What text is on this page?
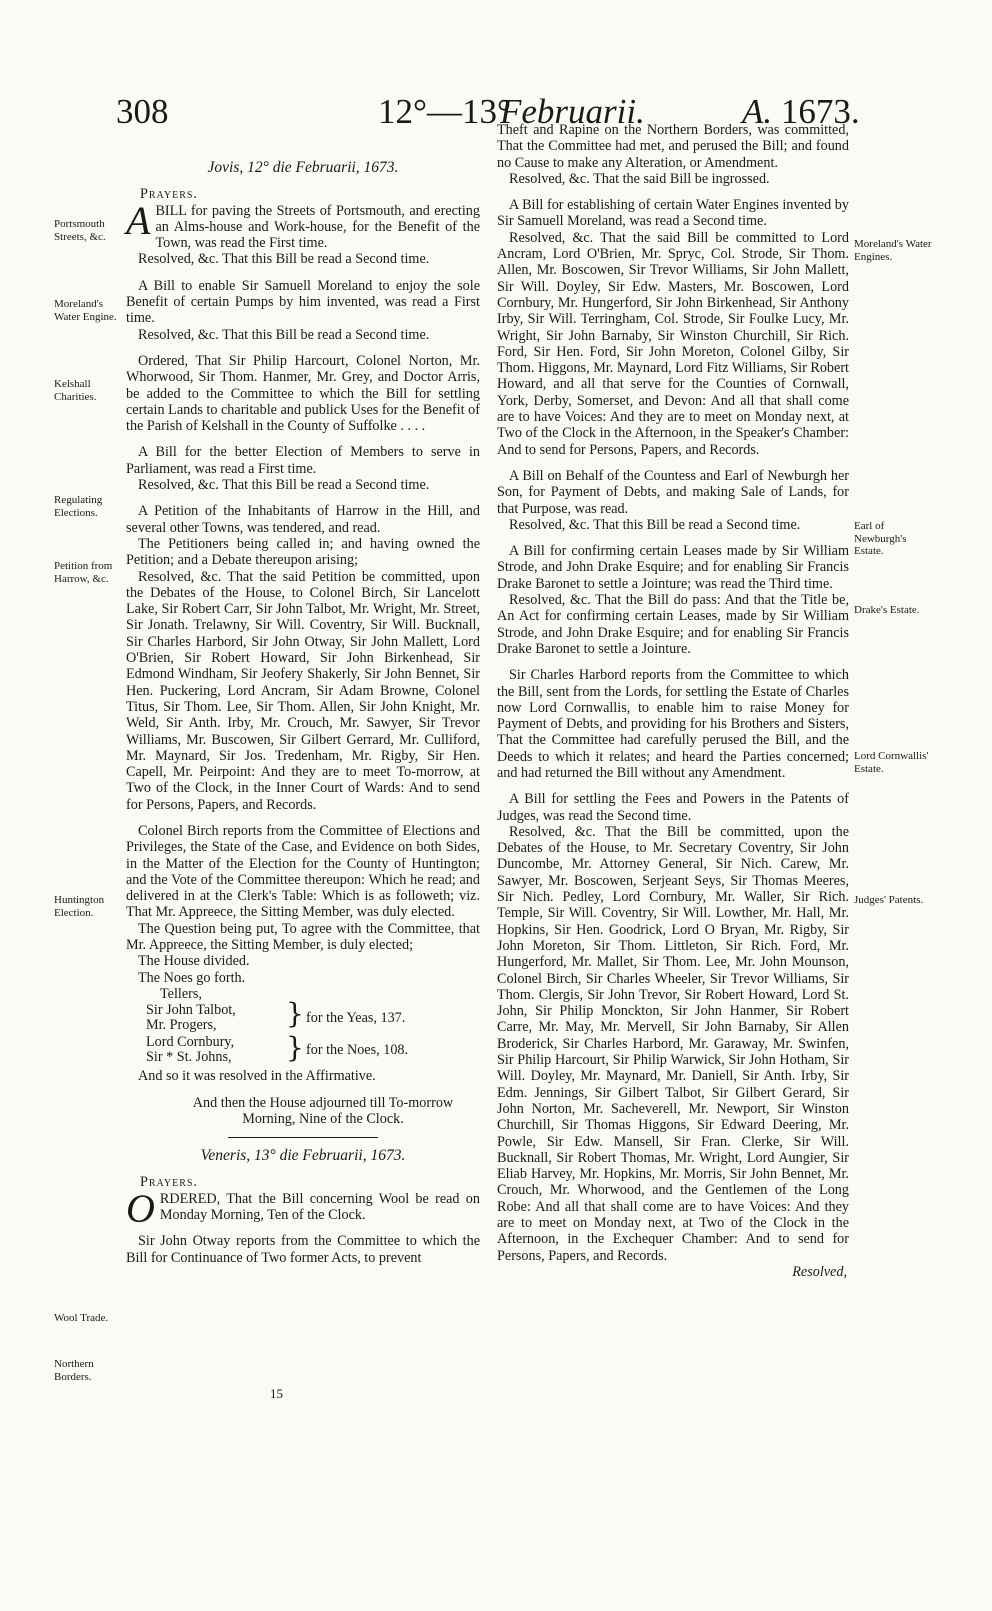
308	12°—13°
Februarii.	A. 1673.
Portsmouth Streets, &c.
Moreland's Water Engine.
Kelshall Charities.
Regulating Elections.
Petition from Harrow, &c.
Huntington Election.
Wool Trade.
Northern Borders.
Moreland's Water Engines.
Earl of Newburgh's Estate.
Drake's Estate.
Lord Cornwallis' Estate.
Judges' Patents.

Jovis, 12° die Februarii, 1673.

Prayers.

ABILL for paving the Streets of Portsmouth, and erecting an Alms-house and Work-house, for the Benefit of the Town, was read the First time.

Resolved, &c. That this Bill be read a Second time.

A Bill to enable Sir Samuell Moreland to enjoy the sole Benefit of certain Pumps by him invented, was read a First time.

Resolved, &c. That this Bill be read a Second time.

Ordered, That Sir Philip Harcourt, Colonel Norton, Mr. Whorwood, Sir Thom. Hanmer, Mr. Grey, and Doctor Arris, be added to the Committee to which the Bill for settling certain Lands to charitable and publick Uses for the Benefit of the Parish of Kelshall in the County of Suffolke . . . .

A Bill for the better Election of Members to serve in Parliament, was read a First time.

Resolved, &c. That this Bill be read a Second time.

A Petition of the Inhabitants of Harrow in the Hill, and several other Towns, was tendered, and read.

The Petitioners being called in; and having owned the Petition; and a Debate thereupon arising;

Resolved, &c. That the said Petition be committed, upon the Debates of the House, to Colonel Birch, Sir Lancelott Lake, Sir Robert Carr, Sir John Talbot, Mr. Wright, Mr. Street, Sir Jonath. Trelawny, Sir Will. Coventry, Sir Will. Bucknall, Sir Charles Harbord, Sir John Otway, Sir John Mallett, Lord O'Brien, Sir Robert Howard, Sir John Birkenhead, Sir Edmond Windham, Sir Jeofery Shakerly, Sir John Bennet, Sir Hen. Puckering, Lord Ancram, Sir Adam Browne, Colonel Titus, Sir Thom. Lee, Sir Thom. Allen, Sir John Knight, Mr. Weld, Sir Anth. Irby, Mr. Crouch, Mr. Sawyer, Sir Trevor Williams, Mr. Buscowen, Sir Gilbert Gerrard, Mr. Culliford, Mr. Maynard, Sir Jos. Tredenham, Mr. Rigby, Sir Hen. Capell, Mr. Peirpoint: And they are to meet To-morrow, at Two of the Clock, in the Inner Court of Wards: And to send for Persons, Papers, and Records.

Colonel Birch reports from the Committee of Elections and Privileges, the State of the Case, and Evidence on both Sides, in the Matter of the Election for the County of Huntington; and the Vote of the Committee thereupon: Which he read; and delivered in at the Clerk's Table: Which is as followeth; viz. That Mr. Appreece, the Sitting Member, was duly elected.

The Question being put, To agree with the Committee, that Mr. Appreece, the Sitting Member, is duly elected;

The House divided.

The Noes go forth.

Tellers,

Sir John Talbot,
Mr. Progers,
Lord Cornbury,
Sir * St. Johns,
}
}
for the Yeas, 137.
for the Noes, 108.

And so it was resolved in the Affirmative.

And then the House adjourned till To-morrow

Morning, Nine of the Clock.

Veneris, 13° die Februarii, 1673.

Prayers.

ORDERED, That the Bill concerning Wool be read on Monday Morning, Ten of the Clock.

Sir John Otway reports from the Committee to which the Bill for Continuance of Two former Acts, to prevent

15

Theft and Rapine on the Northern Borders, was committed, That the Committee had met, and perused the Bill; and found no Cause to make any Alteration, or Amendment.

Resolved, &c. That the said Bill be ingrossed.

A Bill for establishing of certain Water Engines invented by Sir Samuell Moreland, was read a Second time.

Resolved, &c. That the said Bill be committed to Lord Ancram, Lord O'Brien, Mr. Spryc, Col. Strode, Sir Thom. Allen, Mr. Boscowen, Sir Trevor Williams, Sir John Mallett, Sir Will. Doyley, Sir Edw. Masters, Mr. Boscowen, Lord Cornbury, Mr. Hungerford, Sir John Birkenhead, Sir Anthony Irby, Sir Will. Terringham, Col. Strode, Sir Foulke Lucy, Mr. Wright, Sir John Barnaby, Sir Winston Churchill, Sir Rich. Ford, Sir Hen. Ford, Sir John Moreton, Colonel Gilby, Sir Thom. Higgons, Mr. Maynard, Lord Fitz Williams, Sir Robert Howard, and all that serve for the Counties of Cornwall, York, Derby, Somerset, and Devon: And all that shall come are to have Voices: And they are to meet on Monday next, at Two of the Clock in the Afternoon, in the Speaker's Chamber: And to send for Persons, Papers, and Records.

A Bill on Behalf of the Countess and Earl of Newburgh her Son, for Payment of Debts, and making Sale of Lands, for that Purpose, was read.

Resolved, &c. That this Bill be read a Second time.

A Bill for confirming certain Leases made by Sir William Strode, and John Drake Esquire; and for enabling Sir Francis Drake Baronet to settle a Jointure; was read the Third time.

Resolved, &c. That the Bill do pass: And that the Title be, An Act for confirming certain Leases, made by Sir William Strode, and John Drake Esquire; and for enabling Sir Francis Drake Baronet to settle a Jointure.

Sir Charles Harbord reports from the Committee to which the Bill, sent from the Lords, for settling the Estate of Charles now Lord Cornwallis, to enable him to raise Money for Payment of Debts, and providing for his Brothers and Sisters, That the Committee had carefully perused the Bill, and the Deeds to which it relates; and heard the Parties concerned; and had returned the Bill without any Amendment.

A Bill for settling the Fees and Powers in the Patents of Judges, was read the Second time.

Resolved, &c. That the Bill be committed, upon the Debates of the House, to Mr. Secretary Coventry, Sir John Duncombe, Mr. Attorney General, Sir Nich. Carew, Mr. Sawyer, Mr. Boscowen, Serjeant Seys, Sir Thomas Meeres, Sir Nich. Pedley, Lord Cornbury, Mr. Waller, Sir Rich. Temple, Sir Will. Coventry, Sir Will. Lowther, Mr. Hall, Mr. Hopkins, Sir Hen. Goodrick, Lord O Bryan, Mr. Rigby, Sir John Moreton, Sir Thom. Littleton, Sir Rich. Ford, Mr. Hungerford, Mr. Mallet, Sir Thom. Lee, Mr. John Mounson, Colonel Birch, Sir Charles Wheeler, Sir Trevor Williams, Sir Thom. Clergis, Sir John Trevor, Sir Robert Howard, Lord St. John, Sir Philip Monckton, Sir John Hanmer, Sir Robert Carre, Mr. May, Mr. Mervell, Sir John Barnaby, Sir Allen Broderick, Sir Charles Harbord, Mr. Garaway, Mr. Swinfen, Sir Philip Harcourt, Sir Philip Warwick, Sir John Hotham, Sir Will. Doyley, Mr. Maynard, Mr. Daniell, Sir Anth. Irby, Sir Edm. Jennings, Sir Gilbert Talbot, Sir Gilbert Gerard, Sir John Norton, Mr. Sacheverell, Mr. Newport, Sir Winston Churchill, Sir Thomas Higgons, Sir Edward Deering, Mr. Powle, Sir Edw. Mansell, Sir Fran. Clerke, Sir Will. Bucknall, Sir Robert Thomas, Mr. Wright, Lord Aungier, Sir Eliab Harvey, Mr. Hopkins, Mr. Morris, Sir John Bennet, Mr. Crouch, Mr. Whorwood, and the Gentlemen of the Long Robe: And all that shall come are to have Voices: And they are to meet on Monday next, at Two of the Clock in the Afternoon, in the Exchequer Chamber: And to send for Persons, Papers, and Records.

Resolved,
